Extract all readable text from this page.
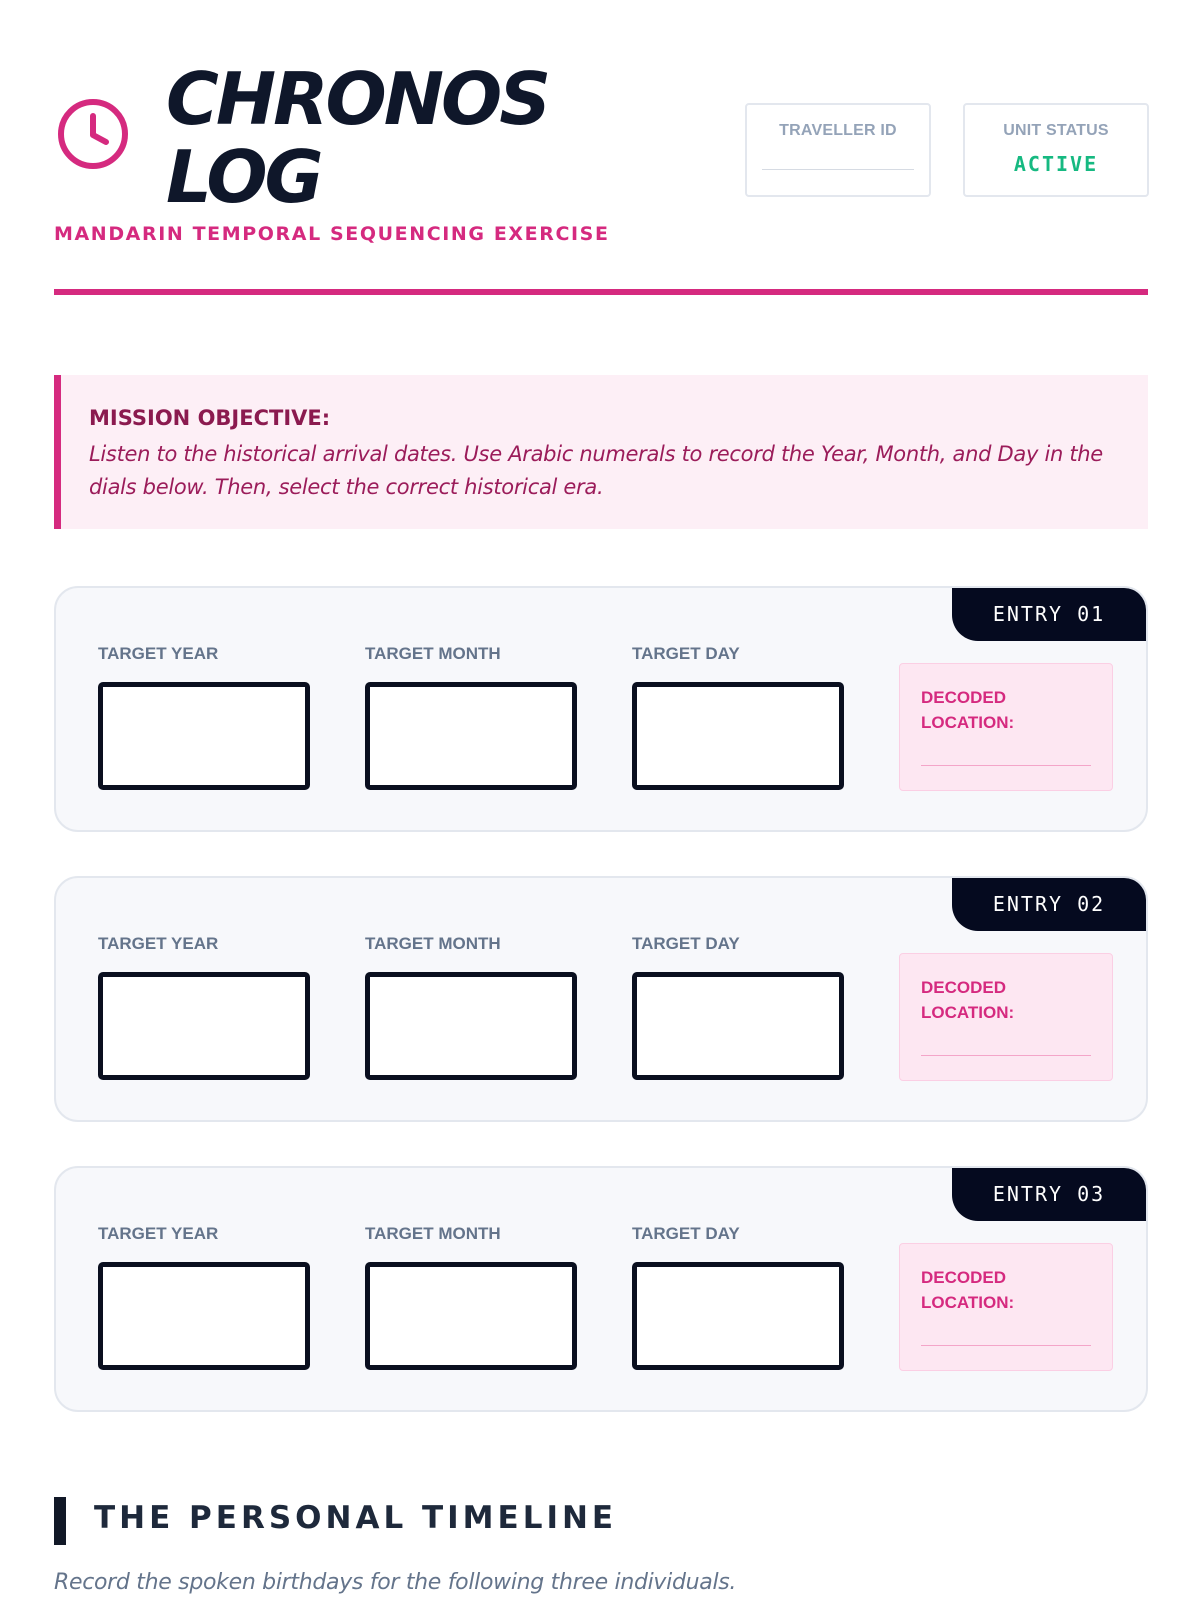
CHRONOS LOG
MANDARIN TEMPORAL SEQUENCING EXERCISE
TRAVELLER ID	UNIT STATUS
ACTIVE
MISSION OBJECTIVE:
Listen to the historical arrival dates. Use Arabic numerals to record the Year, Month, and Day in the dials below. Then, select the correct historical era.
ENTRY 01
TARGET YEAR	TARGET MONTH	TARGET DAY
DECODED LOCATION:
ENTRY 02
TARGET YEAR	TARGET MONTH	TARGET DAY
DECODED LOCATION:
ENTRY 03
TARGET YEAR	TARGET MONTH	TARGET DAY
DECODED LOCATION:
THE PERSONAL TIMELINE
Record the spoken birthdays for the following three individuals.
